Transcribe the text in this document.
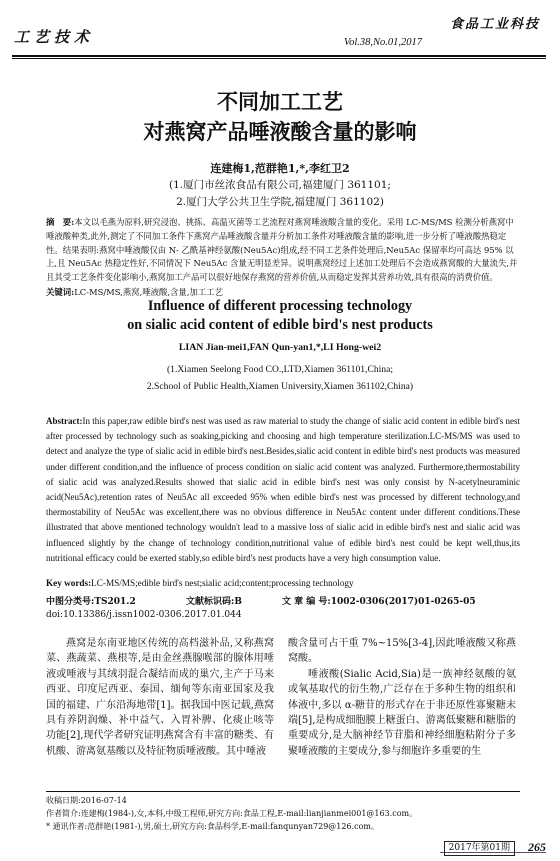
工艺技术
食品工业科技
Vol.38,No.01,2017
不同加工工艺
对燕窝产品唾液酸含量的影响
连建梅1,范群艳1,*,李红卫2
(1.厦门市丝浓食品有限公司,福建厦门 361101;
2.厦门大学公共卫生学院,福建厦门 361102)
摘　要:本文以毛燕为原料,研究浸泡、挑拣、高温灭菌等工艺流程对燕窝唾液酸含量的变化。采用 LC-MS/MS 检测分析燕窝中唾液酸种类,此外,测定了不同加工条件下燕窝产品唾液酸含量并分析加工条件对唾液酸含量的影响,进一步分析了唾液酸热稳定性。结果表明:燕窝中唾液酸仅由 N- 乙酰基神经氨酸(Neu5Ac)组成,经不同工艺条件处理后,Neu5Ac 保留率均可高达 95% 以上,且 Neu5Ac 热稳定性好,不同情况下 Neu5Ac 含量无明显差异。说明燕窝经过上述加工处理后不会造成燕窝酸的大量流失,并且其受工艺条件变化影响小,燕窝加工产品可以很好地保存燕窝的营养价值,从而稳定发挥其营养功效,具有很高的消费价值。
关键词:LC-MS/MS,燕窝,唾液酸,含量,加工工艺
Influence of different processing technology
on sialic acid content of edible bird's nest products
LIAN Jian-mei1,FAN Qun-yan1,*,LI Hong-wei2
(1.Xiamen Seelong Food CO.,LTD,Xiamen 361101,China;
2.School of Public Health,Xiamen University,Xiamen 361102,China)
Abstract:In this paper,raw edible bird's nest was used as raw material to study the change of sialic acid content in edible bird's nest after processed by technology such as soaking,picking and choosing and high temperature sterilization.LC-MS/MS was used to detect and analyze the type of sialic acid in edible bird's nest.Besides,sialic acid content in edible bird's nest products was measured under different condition,and the influence of process condition on sialic acid content was analyzed. Furthermore,thermostability of sialic acid was analyzed.Results showed that sialic acid in edible bird's nest was only consist by N-acetylneuraminic acid(Neu5Ac),retention rates of Neu5Ac all exceeded 95% when edible bird's nest was processed by different technology,and thermostability of Neu5Ac was excellent,there was no obvious difference in Neu5Ac content under different conditions.These illustrated that above mentioned technology wouldn't lead to a massive loss of sialic acid in edible bird's nest and sialic acid was influenced slightly by the change of technology condition,nutritional value of edible bird's nest could be kept well,thus,its nutritional efficacy could be exerted stably,so edible bird's nest products have a very high consumption value.
Key words:LC-MS/MS;edible bird's nest;sialic acid;content;processing technology
中图分类号:TS201.2	文献标识码:B	文 章 编 号:1002-0306(2017)01-0265-05
doi:10.13386/j.issn1002-0306.2017.01.044

燕窝是东南亚地区传统的高档滋补品,又称燕窝菜、燕蔬菜、燕根等,是由金丝燕腺喉部的腺体用唾液或唾液与其绒羽混合凝结而成的巢穴,主产于马来西亚、印度尼西亚、泰国、缅甸等东南亚国家及我国的福建、广东沿海地带[1]。据我国中医记载,燕窝具有养阴润燥、补中益气、入胃补脾、化痰止咳等功能[2],现代学者研究证明燕窝含有丰富的糖类、有机酸、游离氨基酸以及特征物质唾液酸。其中唾液

酸含量可占干重 7%~15%[3-4],因此唾液酸又称燕窝酸。

唾液酸(Sialic Acid,Sia)是一族神经氨酸的氨或氧基取代的衍生物,广泛存在于多种生物的组织和体液中,多以 α-糖苷的形式存在于非还原性寡聚糖末端[5],是构成细胞膜上糖蛋白、游离低聚糖和糖脂的重要成分,是大脑神经节苷脂和神经细胞粘附分子多聚唾液酸的主要成分,参与细胞许多重要的生

收稿日期:2016-07-14
作者简介:连建梅(1984-),女,本科,中级工程师,研究方向:食品工程,E-mail:lianjianmei001@163.com。
* 通讯作者:范群艳(1981-),男,硕士,研究方向:食品科学,E-mail:fanqunyan729@126.com。
2017年第01期	265
